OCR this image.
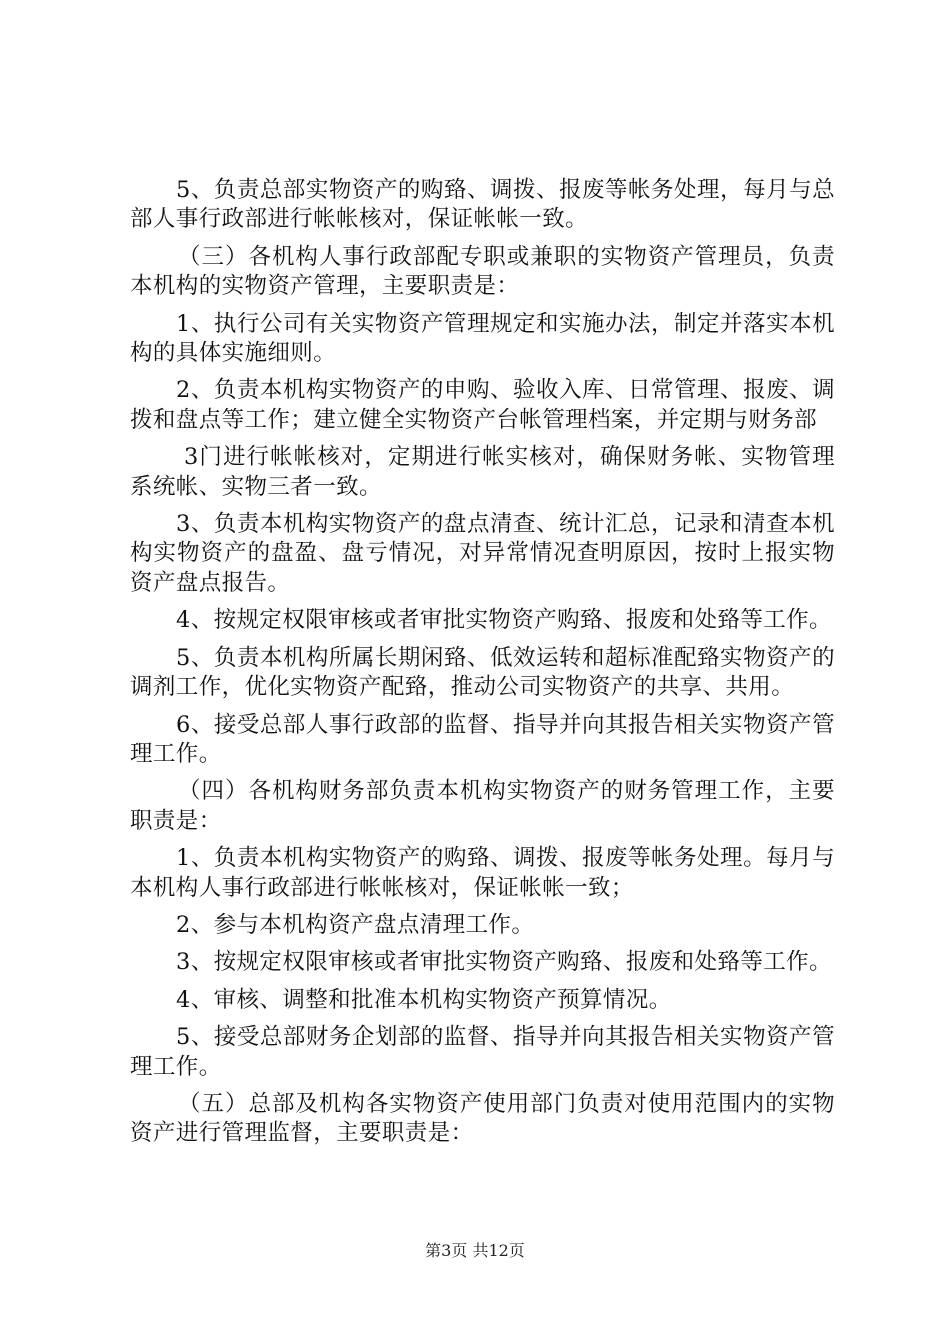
5、负责总部实物资产的购臵、调拨、报废等帐务处理，每月与总部人事行政部进行帐帐核对，保证帐帐一致。

（三）各机构人事行政部配专职或兼职的实物资产管理员，负责本机构的实物资产管理，主要职责是：

1、执行公司有关实物资产管理规定和实施办法，制定并落实本机构的具体实施细则。

2、负责本机构实物资产的申购、验收入库、日常管理、报废、调拨和盘点等工作；建立健全实物资产台帐管理档案，并定期与财务部

3门进行帐帐核对，定期进行帐实核对，确保财务帐、实物管理系统帐、实物三者一致。

3、负责本机构实物资产的盘点清查、统计汇总，记录和清查本机构实物资产的盘盈、盘亏情况，对异常情况查明原因，按时上报实物资产盘点报告。

4、按规定权限审核或者审批实物资产购臵、报废和处臵等工作。

5、负责本机构所属长期闲臵、低效运转和超标准配臵实物资产的调剂工作，优化实物资产配臵，推动公司实物资产的共享、共用。

6、接受总部人事行政部的监督、指导并向其报告相关实物资产管理工作。

（四）各机构财务部负责本机构实物资产的财务管理工作，主要职责是：

1、负责本机构实物资产的购臵、调拨、报废等帐务处理。每月与本机构人事行政部进行帐帐核对，保证帐帐一致；

2、参与本机构资产盘点清理工作。

3、按规定权限审核或者审批实物资产购臵、报废和处臵等工作。

4、审核、调整和批准本机构实物资产预算情况。

5、接受总部财务企划部的监督、指导并向其报告相关实物资产管理工作。

（五）总部及机构各实物资产使用部门负责对使用范围内的实物资产进行管理监督，主要职责是：

第3页 共12页
